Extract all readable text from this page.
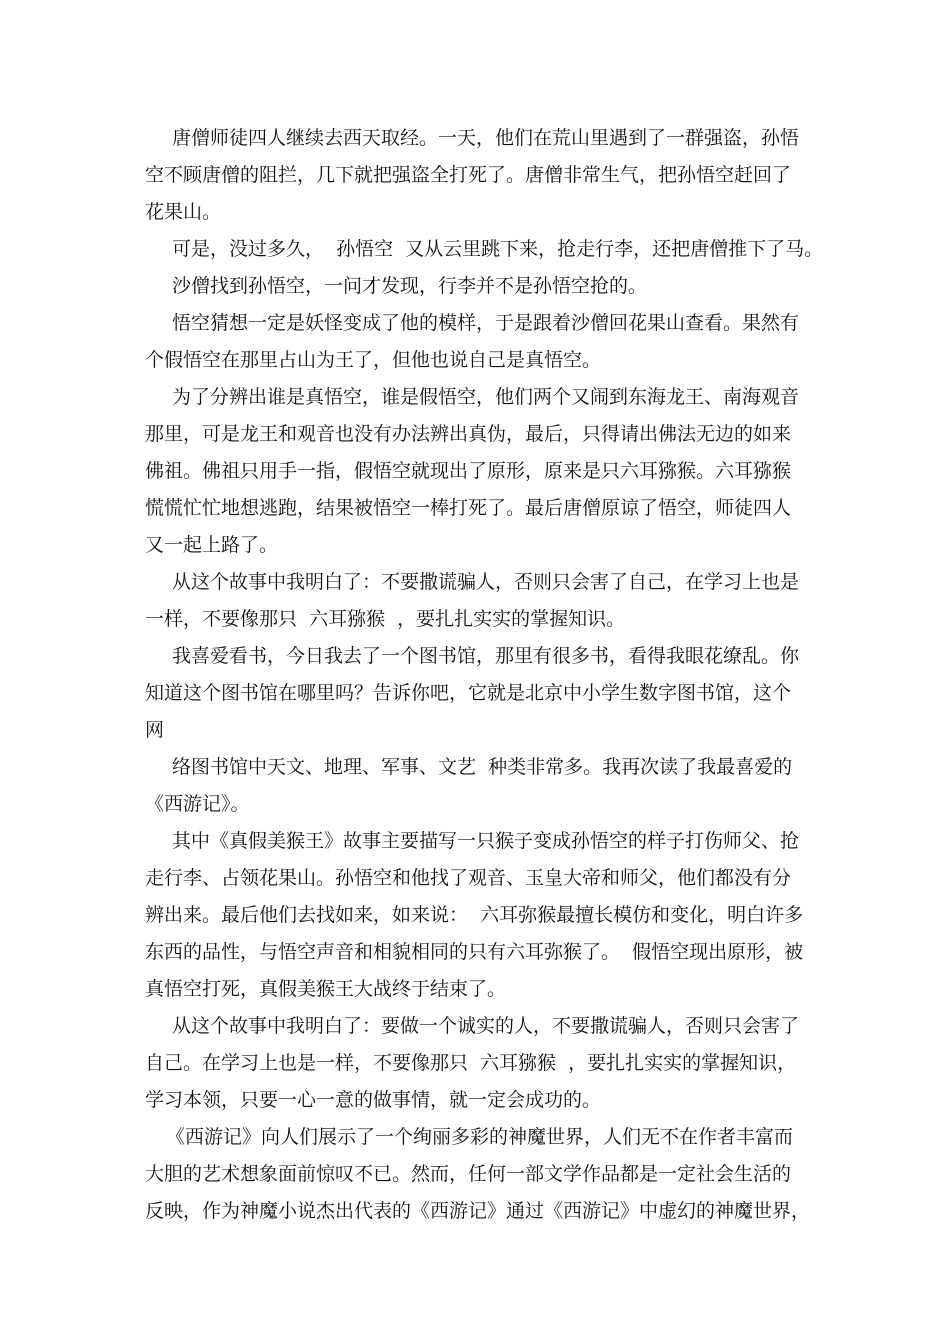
唐僧师徒四人继续去西天取经。一天，他们在荒山里遇到了一群强盗，孙悟
空不顾唐僧的阻拦，几下就把强盗全打死了。唐僧非常生气，把孙悟空赶回了
花果山。
可是，没过多久，  孙悟空  又从云里跳下来，抢走行李，还把唐僧推下了马。
沙僧找到孙悟空，一问才发现，行李并不是孙悟空抢的。
悟空猜想一定是妖怪变成了他的模样，于是跟着沙僧回花果山查看。果然有
个假悟空在那里占山为王了，但他也说自己是真悟空。
为了分辨出谁是真悟空，谁是假悟空，他们两个又闹到东海龙王、南海观音
那里，可是龙王和观音也没有办法辨出真伪，最后，只得请出佛法无边的如来
佛祖。佛祖只用手一指，假悟空就现出了原形，原来是只六耳猕猴。六耳猕猴
慌慌忙忙地想逃跑，结果被悟空一棒打死了。最后唐僧原谅了悟空，师徒四人
又一起上路了。
从这个故事中我明白了：不要撒谎骗人，否则只会害了自己，在学习上也是
一样，不要像那只  六耳猕猴  ，要扎扎实实的掌握知识。
我喜爱看书，今日我去了一个图书馆，那里有很多书，看得我眼花缭乱。你
知道这个图书馆在哪里吗？告诉你吧，它就是北京中小学生数字图书馆，这个
网
络图书馆中天文、地理、军事、文艺  种类非常多。我再次读了我最喜爱的
《西游记》。
其中《真假美猴王》故事主要描写一只猴子变成孙悟空的样子打伤师父、抢
走行李、占领花果山。孙悟空和他找了观音、玉皇大帝和师父，他们都没有分
辨出来。最后他们去找如来，如来说：  六耳弥猴最擅长模仿和变化，明白许多
东西的品性，与悟空声音和相貌相同的只有六耳弥猴了。  假悟空现出原形，被
真悟空打死，真假美猴王大战终于结束了。
从这个故事中我明白了：要做一个诚实的人，不要撒谎骗人，否则只会害了
自己。在学习上也是一样，不要像那只  六耳猕猴  ，要扎扎实实的掌握知识，
学习本领，只要一心一意的做事情，就一定会成功的。
《西游记》向人们展示了一个绚丽多彩的神魔世界，人们无不在作者丰富而
大胆的艺术想象面前惊叹不已。然而，任何一部文学作品都是一定社会生活的
反映，作为神魔小说杰出代表的《西游记》通过《西游记》中虚幻的神魔世界，
